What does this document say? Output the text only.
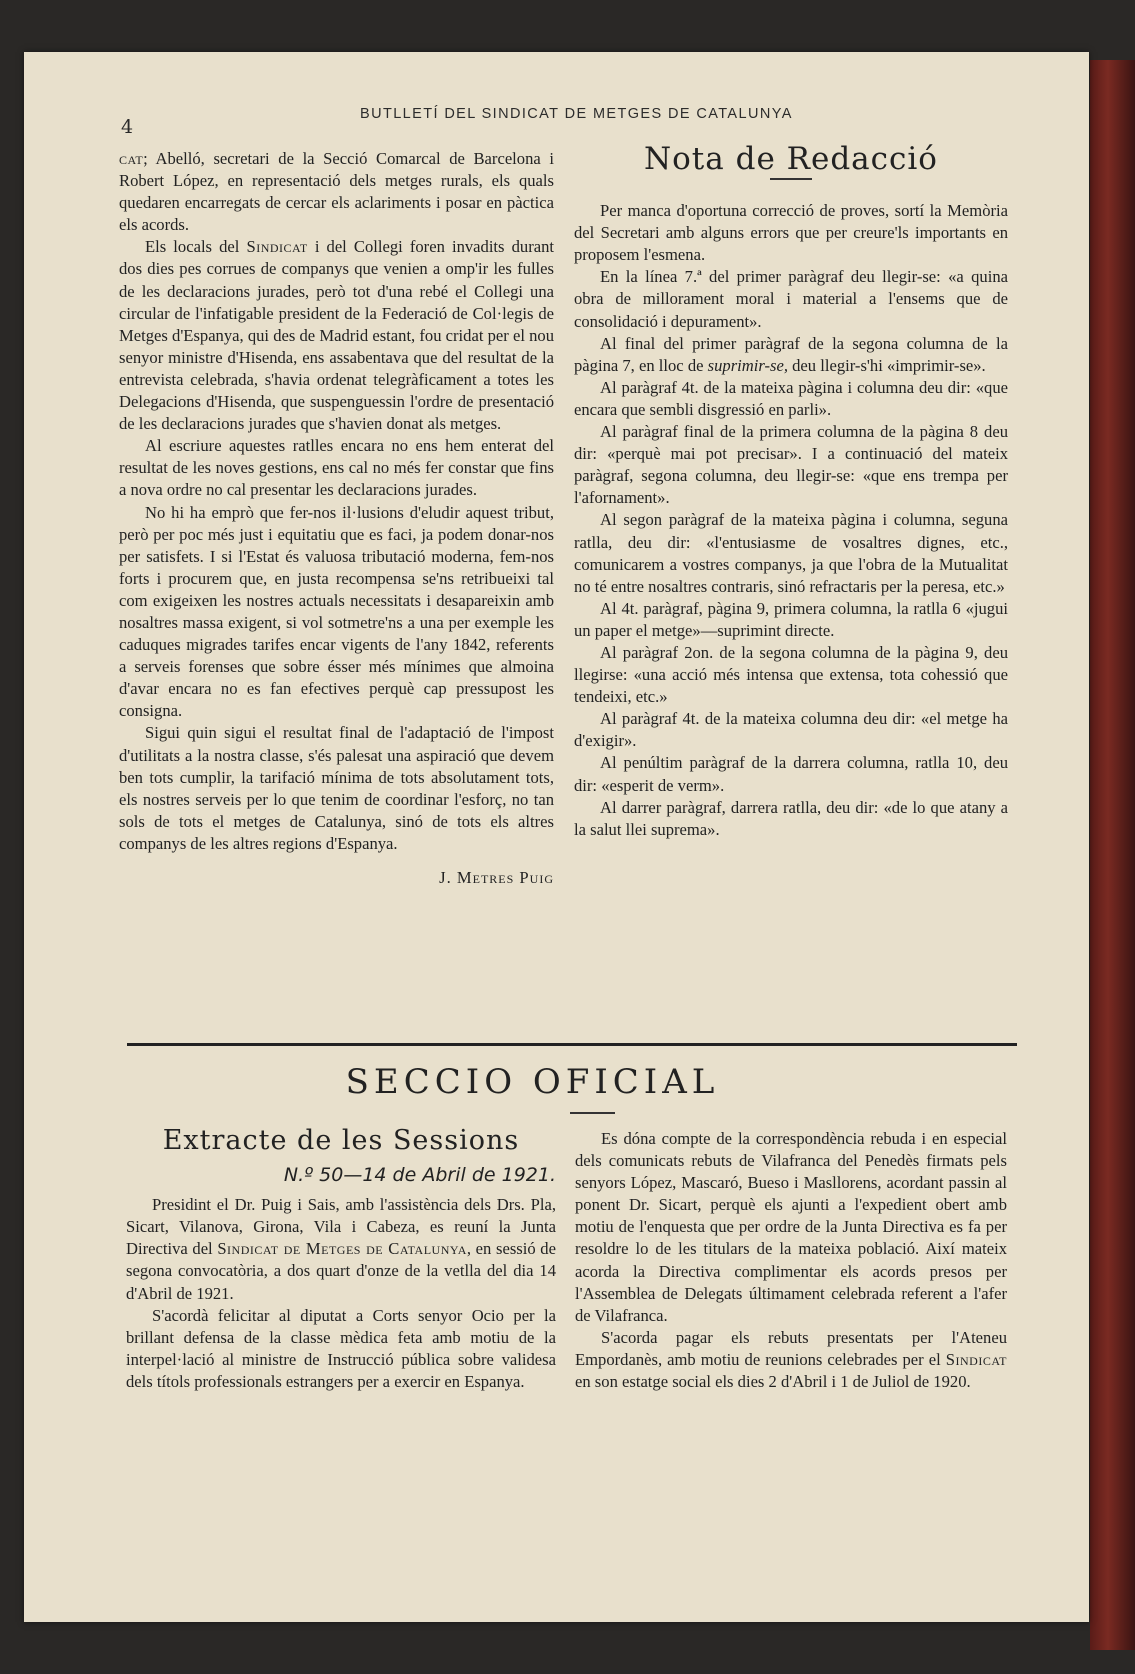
4
BUTLLETÍ DEL SINDICAT DE METGES DE CATALUNYA

cat; Abelló, secretari de la Secció Comarcal de Barcelona i Robert López, en representació dels metges rurals, els quals quedaren encarregats de cercar els aclariments i posar en pàctica els acords.

Els locals del Sindicat i del Collegi foren invadits durant dos dies pes corrues de companys que venien a omp'ir les fulles de les declaracions jurades, però tot d'una rebé el Collegi una circular de l'infatigable president de la Federació de Col·legis de Metges d'Espanya, qui des de Madrid estant, fou cridat per el nou senyor ministre d'Hisenda, ens assabentava que del resultat de la entrevista celebrada, s'havia ordenat telegràficament a totes les Delegacions d'Hisenda, que suspenguessin l'ordre de presentació de les declaracions jurades que s'havien donat als metges.

Al escriure aquestes ratlles encara no ens hem enterat del resultat de les noves gestions, ens cal no més fer constar que fins a nova ordre no cal presentar les declaracions jurades.

No hi ha emprò que fer-nos il·lusions d'eludir aquest tribut, però per poc més just i equitatiu que es faci, ja podem donar-nos per satisfets. I si l'Estat és valuosa tributació moderna, fem-nos forts i procurem que, en justa recompensa se'ns retribueixi tal com exigeixen les nostres actuals necessitats i desapareixin amb nosaltres massa exigent, si vol sotmetre'ns a una per exemple les caduques migrades tarifes encar vigents de l'any 1842, referents a serveis forenses que sobre ésser més mínimes que almoina d'avar encara no es fan efectives perquè cap pressupost les consigna.

Sigui quin sigui el resultat final de l'adaptació de l'impost d'utilitats a la nostra classe, s'és palesat una aspiració que devem ben tots cumplir, la tarifació mínima de tots absolutament tots, els nostres serveis per lo que tenim de coordinar l'esforç, no tan sols de tots el metges de Catalunya, sinó de tots els altres companys de les altres regions d'Espanya.

J. Metres Puig
Nota de Redacció

Per manca d'oportuna correcció de proves, sortí la Memòria del Secretari amb alguns errors que per creure'ls importants en proposem l'esmena.

En la línea 7.ª del primer paràgraf deu llegir-se: «a quina obra de millorament moral i material a l'ensems que de consolidació i depurament».

Al final del primer paràgraf de la segona columna de la pàgina 7, en lloc de suprimir-se, deu llegir-s'hi «imprimir-se».

Al paràgraf 4t. de la mateixa pàgina i columna deu dir: «que encara que sembli disgressió en parli».

Al paràgraf final de la primera columna de la pàgina 8 deu dir: «perquè mai pot precisar». I a continuació del mateix paràgraf, segona columna, deu llegir-se: «que ens trempa per l'afornament».

Al segon paràgraf de la mateixa pàgina i columna, seguna ratlla, deu dir: «l'entusiasme de vosaltres dignes, etc., comunicarem a vostres companys, ja que l'obra de la Mutualitat no té entre nosaltres contraris, sinó refractaris per la peresa, etc.»

Al 4t. paràgraf, pàgina 9, primera columna, la ratlla 6 «jugui un paper el metge»—suprimint directe.

Al paràgraf 2on. de la segona columna de la pàgina 9, deu llegirse: «una acció més intensa que extensa, tota cohessió que tendeixi, etc.»

Al paràgraf 4t. de la mateixa columna deu dir: «el metge ha d'exigir».

Al penúltim paràgraf de la darrera columna, ratlla 10, deu dir: «esperit de verm».

Al darrer paràgraf, darrera ratlla, deu dir: «de lo que atany a la salut llei suprema».

SECCIO OFICIAL
Extracte de les Sessions
N.º 50—14 de Abril de 1921.

Presidint el Dr. Puig i Sais, amb l'assistència dels Drs. Pla, Sicart, Vilanova, Girona, Vila i Cabeza, es reuní la Junta Directiva del Sindicat de Metges de Catalunya, en sessió de segona convocatòria, a dos quart d'onze de la vetlla del dia 14 d'Abril de 1921.

S'acordà felicitar al diputat a Corts senyor Ocio per la brillant defensa de la classe mèdica feta amb motiu de la interpel·lació al ministre de Instrucció pública sobre validesa dels títols professionals estrangers per a exercir en Espanya.

Es dóna compte de la correspondència rebuda i en especial dels comunicats rebuts de Vilafranca del Penedès firmats pels senyors López, Mascaró, Bueso i Masllorens, acordant passin al ponent Dr. Sicart, perquè els ajunti a l'expedient obert amb motiu de l'enquesta que per ordre de la Junta Directiva es fa per resoldre lo de les titulars de la mateixa població. Així mateix acorda la Directiva complimentar els acords presos per l'Assemblea de Delegats últimament celebrada referent a l'afer de Vilafranca.

S'acorda pagar els rebuts presentats per l'Ateneu Empordanès, amb motiu de reunions celebrades per el Sindicat en son estatge social els dies 2 d'Abril i 1 de Juliol de 1920.
